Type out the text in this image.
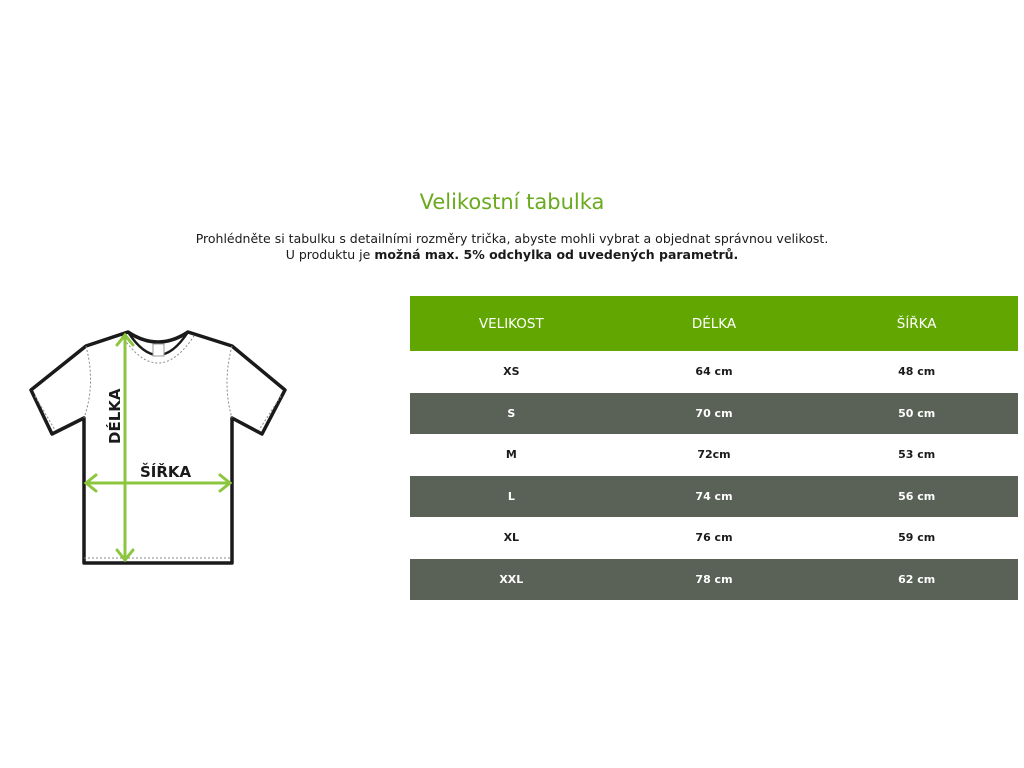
Velikostní tabulka

Prohlédněte si tabulku s detailními rozměry trička, abyste mohli vybrat a objednat správnou velikost.
U produktu je možná max. 5% odchylka od uvedených parametrů.

DÉLKA
ŠÍŘKA
VELIKOST	DÉLKA	ŠÍŘKA
XS	64 cm	48 cm
S	70 cm	50 cm
M	72cm	53 cm
L	74 cm	56 cm
XL	76 cm	59 cm
XXL	78 cm	62 cm
